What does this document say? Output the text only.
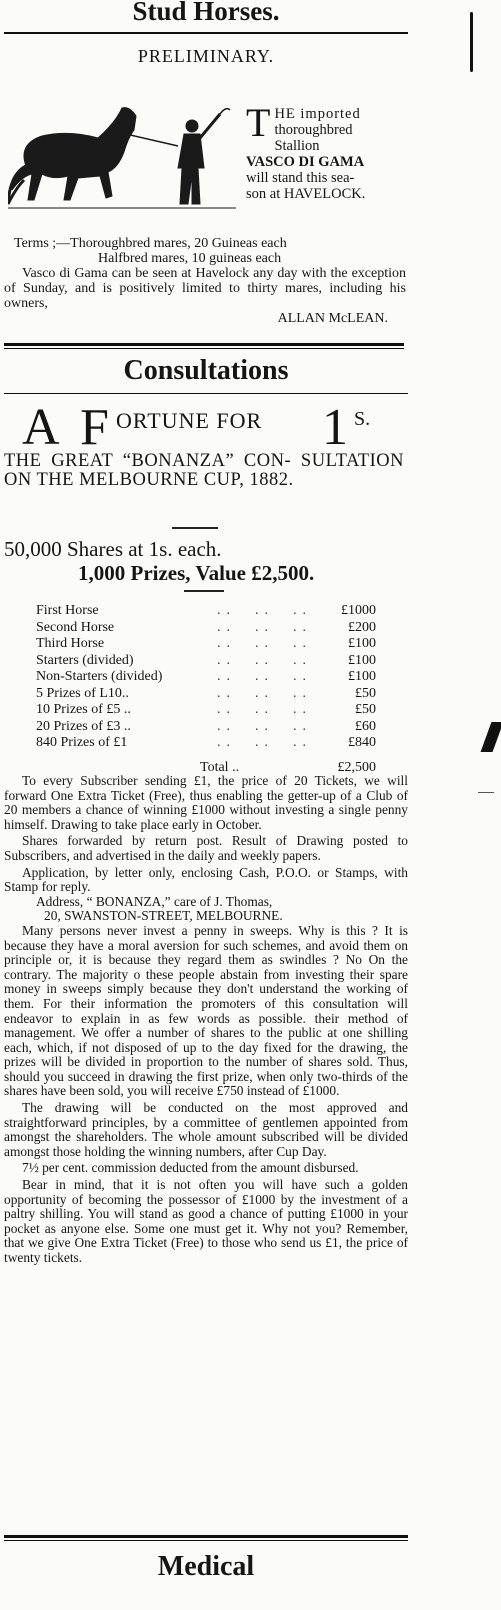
Stud Horses.
PRELIMINARY.
T HE imported
thoroughbred
Stallion
VASCO DI GAMA
will stand this sea-
son at HAVELOCK.

Terms ;—Thoroughbred mares, 20 Guineas each

Halfbred mares, 10 guineas each

Vasco di Gama can be seen at Havelock any day with the exception of Sunday, and is positively limited to thirty mares, including his owners,

ALLAN McLEAN.

Consultations
A F ORTUNE FOR 1 S.
THE GREAT “BONANZA” CON- SULTATION ON THE MELBOURNE CUP, 1882.
50,000 Shares at 1s. each.
1,000 Prizes, Value £2,500.
First Horse	..  ..  ..	£1000
Second Horse	..  ..  ..	£200
Third Horse	..  ..  ..	£100
Starters (divided)	..  ..  ..	£100
Non-Starters (divided)	..  ..  ..	£100
5 Prizes of L10..	..  ..  ..	£50
10 Prizes of £5 ..	..  ..  ..	£50
20 Prizes of £3 ..	..  ..  ..	£60
840 Prizes of £1	..  ..  ..	£840
Total ..	£2,500

To every Subscriber sending £1, the price of 20 Tickets, we will forward One Extra Ticket (Free), thus enabling the getter-up of a Club of 20 members a chance of winning £1000 without investing a single penny himself. Drawing to take place early in October.

Shares forwarded by return post. Result of Drawing posted to Subscribers, and advertised in the daily and weekly papers.

Application, by letter only, enclosing Cash, P.O.O. or Stamps, with Stamp for reply.

Address, “ BONANZA,” care of J. Thomas,

20, SWANSTON-STREET, MELBOURNE.

Many persons never invest a penny in sweeps. Why is this ? It is because they have a moral aversion for such schemes, and avoid them on principle or, it is because they regard them as swindles ? No On the contrary. The majority o these people abstain from investing their spare money in sweeps simply because they don't understand the working of them. For their information the promoters of this consultation will endeavor to explain in as few words as possible. their method of management. We offer a number of shares to the public at one shilling each, which, if not disposed of up to the day fixed for the drawing, the prizes will be divided in proportion to the number of shares sold. Thus, should you succeed in drawing the first prize, when only two-thirds of the shares have been sold, you will receive £750 instead of £1000.

The drawing will be conducted on the most approved and straightforward principles, by a committee of gentlemen appointed from amongst the shareholders. The whole amount subscribed will be divided amongst those holding the winning numbers, after Cup Day.

7½ per cent. commission deducted from the amount disbursed.

Bear in mind, that it is not often you will have such a golden opportunity of becoming the possessor of £1000 by the investment of a paltry shilling. You will stand as good a chance of putting £1000 in your pocket as anyone else. Some one must get it. Why not you? Remember, that we give One Extra Ticket (Free) to those who send us £1, the price of twenty tickets.

Medical
